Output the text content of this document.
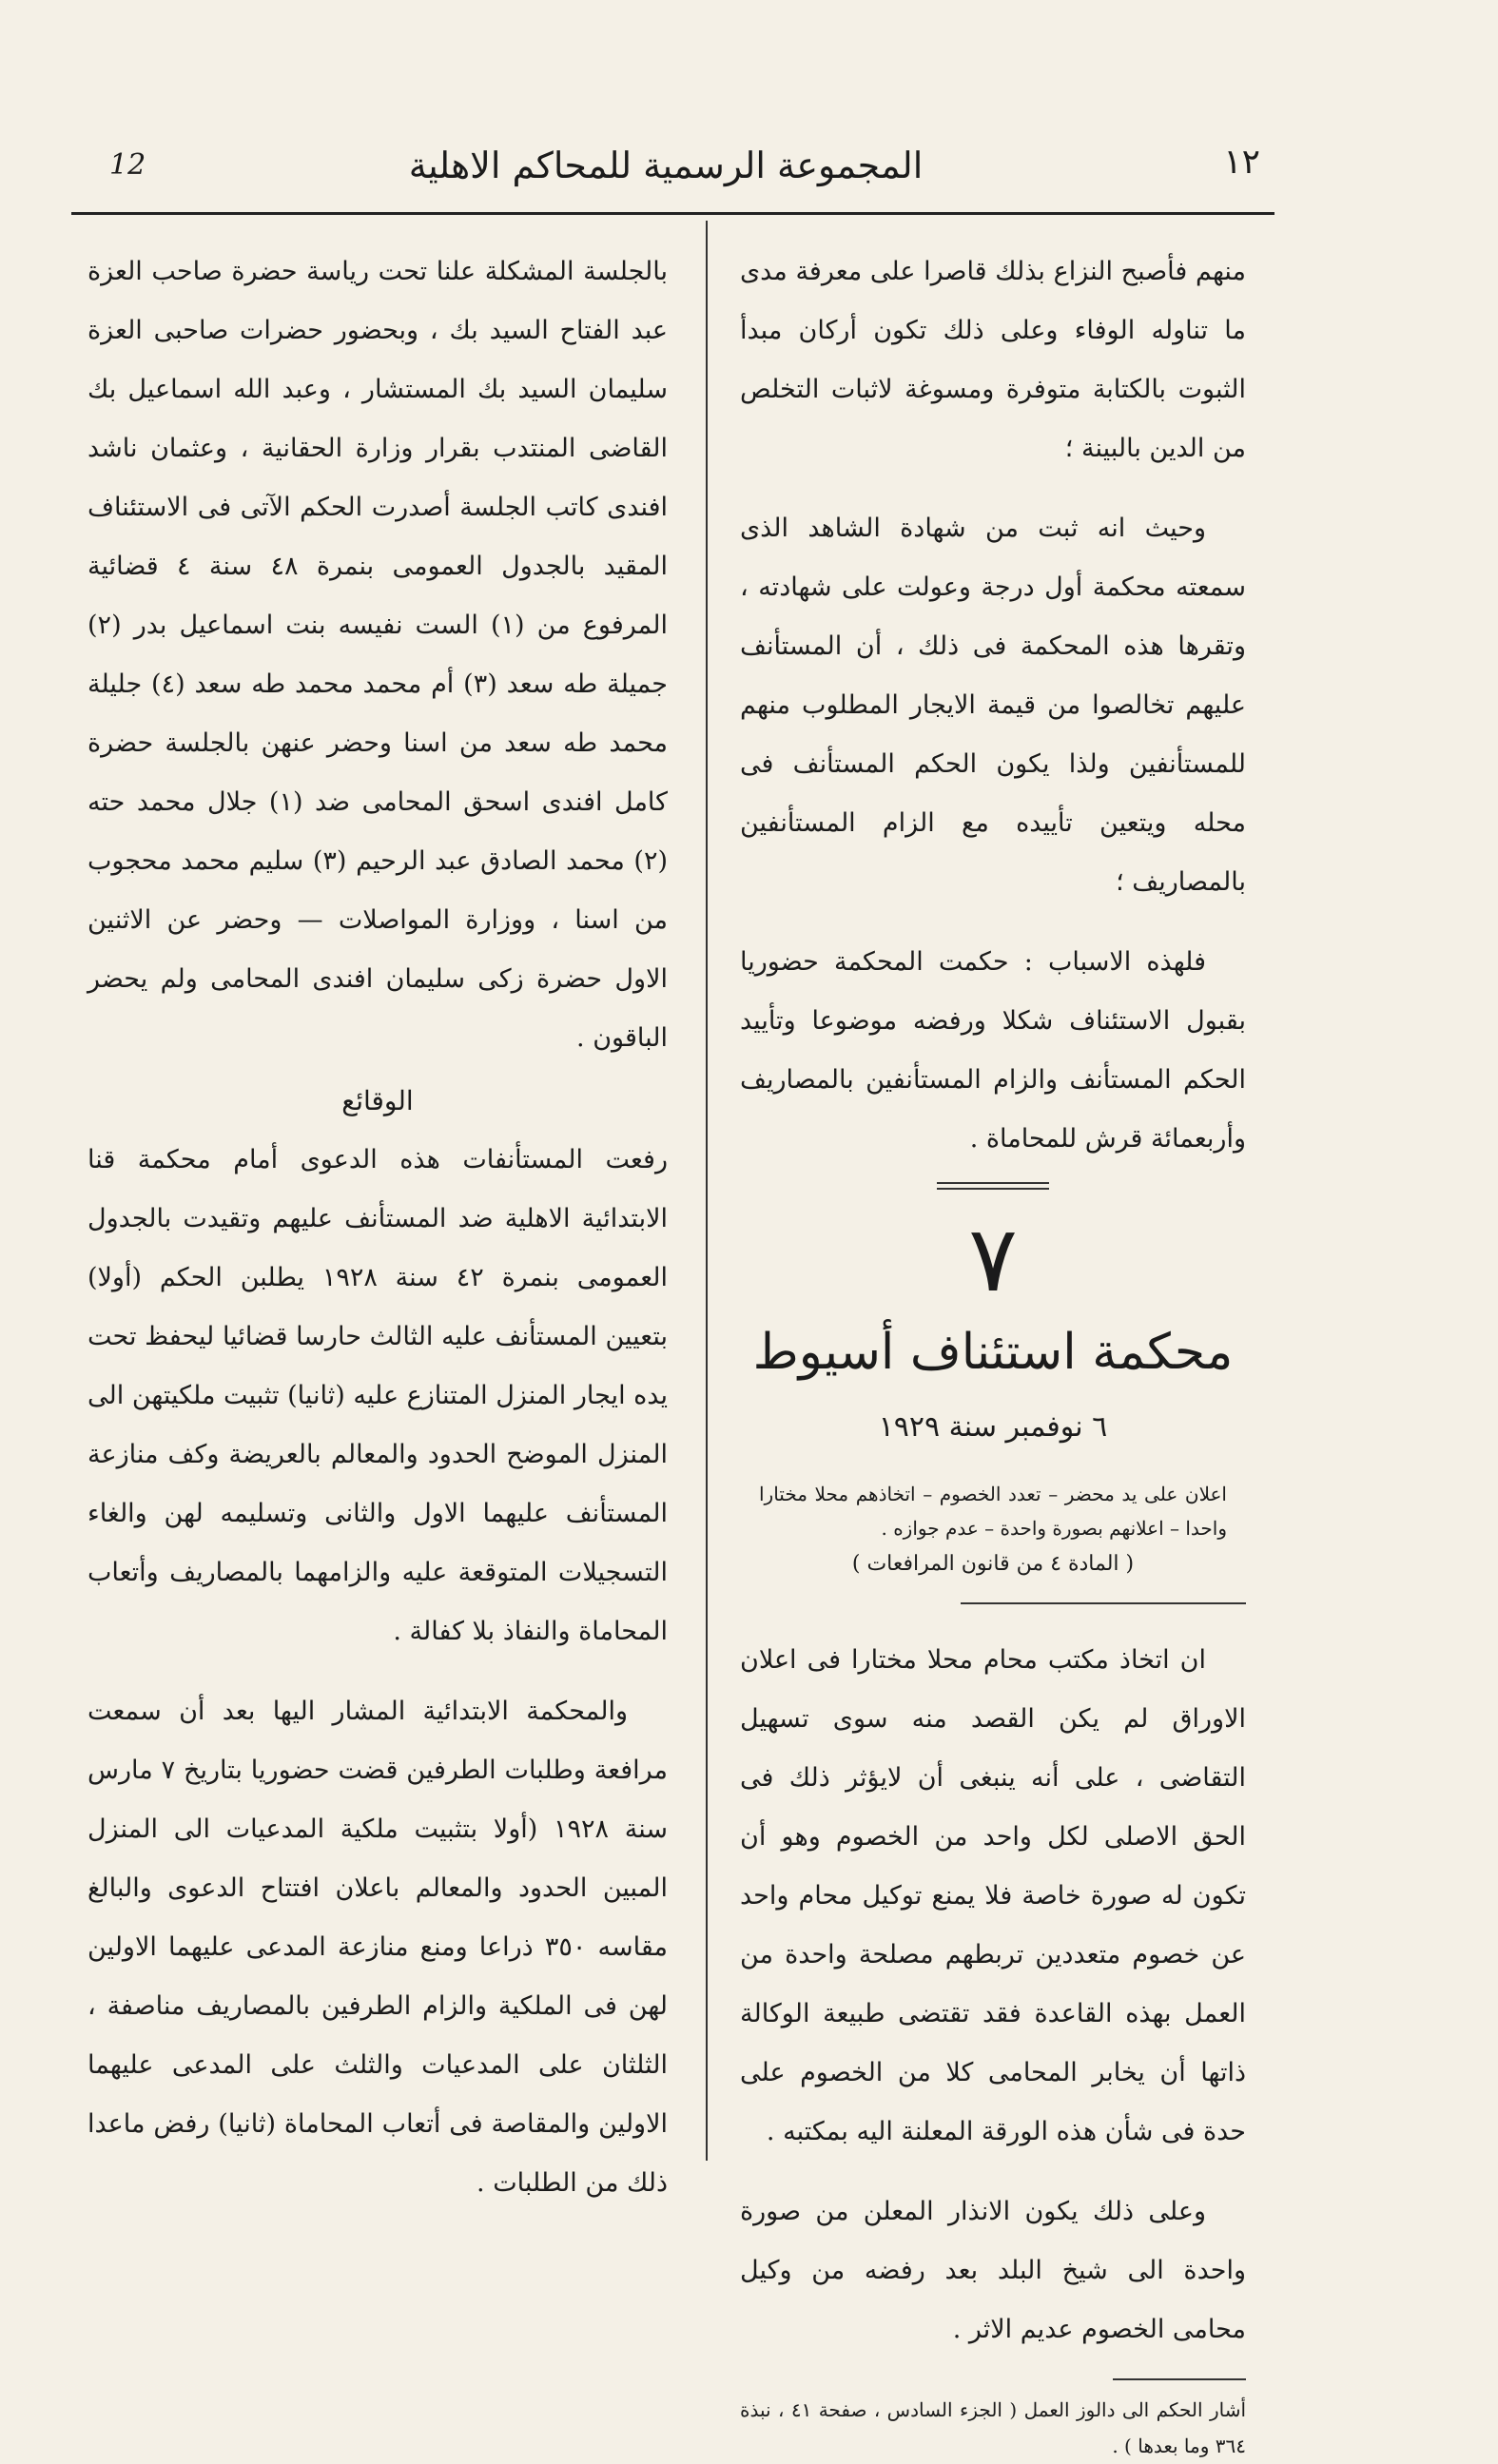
12	المجموعة الرسمية للمحاكم الاهلية	١٢

منهم فأصبح النزاع بذلك قاصرا على معرفة مدى ما تناوله الوفاء وعلى ذلك تكون أركان مبدأ الثبوت بالكتابة متوفرة ومسوغة لاثبات التخلص من الدين بالبينة ؛

وحيث انه ثبت من شهادة الشاهد الذى سمعته محكمة أول درجة وعولت على شهادته ، وتقرها هذه المحكمة فى ذلك ، أن المستأنف عليهم تخالصوا من قيمة الايجار المطلوب منهم للمستأنفين ولذا يكون الحكم المستأنف فى محله ويتعين تأييده مع الزام المستأنفين بالمصاريف ؛

فلهذه الاسباب : حكمت المحكمة حضوريا بقبول الاستئناف شكلا ورفضه موضوعا وتأييد الحكم المستأنف والزام المستأنفين بالمصاريف وأربعمائة قرش للمحاماة .

٧
محكمة استئناف أسيوط
٦ نوفمبر سنة ١٩٢٩

اعلان على يد محضر – تعدد الخصوم – اتخاذهم محلا مختارا واحدا – اعلانهم بصورة واحدة – عدم جوازه .

( المادة ٤ من قانون المرافعات )

ان اتخاذ مكتب محام محلا مختارا فى اعلان الاوراق لم يكن القصد منه سوى تسهيل التقاضى ، على أنه ينبغى أن لايؤثر ذلك فى الحق الاصلى لكل واحد من الخصوم وهو أن تكون له صورة خاصة فلا يمنع توكيل محام واحد عن خصوم متعددين تربطهم مصلحة واحدة من العمل بهذه القاعدة فقد تقتضى طبيعة الوكالة ذاتها أن يخابر المحامى كلا من الخصوم على حدة فى شأن هذه الورقة المعلنة اليه بمكتبه .

وعلى ذلك يكون الانذار المعلن من صورة واحدة الى شيخ البلد بعد رفضه من وكيل محامى الخصوم عديم الاثر .

أشار الحكم الى دالوز العمل ( الجزء السادس ، صفحة ٤١ ، نبذة ٣٦٤ وما بعدها ) .

بالجلسة المشكلة علنا تحت رياسة حضرة صاحب العزة عبد الفتاح السيد بك ، وبحضور حضرات صاحبى العزة سليمان السيد بك المستشار ، وعبد الله اسماعيل بك القاضى المنتدب بقرار وزارة الحقانية ، وعثمان ناشد افندى كاتب الجلسة أصدرت الحكم الآتى فى الاستئناف المقيد بالجدول العمومى بنمرة ٤٨ سنة ٤ قضائية المرفوع من (١) الست نفيسه بنت اسماعيل بدر (٢) جميلة طه سعد (٣) أم محمد محمد طه سعد (٤) جليلة محمد طه سعد من اسنا وحضر عنهن بالجلسة حضرة كامل افندى اسحق المحامى ضد (١) جلال محمد حته (٢) محمد الصادق عبد الرحيم (٣) سليم محمد محجوب من اسنا ، ووزارة المواصلات — وحضر عن الاثنين الاول حضرة زكى سليمان افندى المحامى ولم يحضر الباقون .

الوقائع

رفعت المستأنفات هذه الدعوى أمام محكمة قنا الابتدائية الاهلية ضد المستأنف عليهم وتقيدت بالجدول العمومى بنمرة ٤٢ سنة ١٩٢٨ يطلبن الحكم (أولا) بتعيين المستأنف عليه الثالث حارسا قضائيا ليحفظ تحت يده ايجار المنزل المتنازع عليه (ثانيا) تثبيت ملكيتهن الى المنزل الموضح الحدود والمعالم بالعريضة وكف منازعة المستأنف عليهما الاول والثانى وتسليمه لهن والغاء التسجيلات المتوقعة عليه والزامهما بالمصاريف وأتعاب المحاماة والنفاذ بلا كفالة .

والمحكمة الابتدائية المشار اليها بعد أن سمعت مرافعة وطلبات الطرفين قضت حضوريا بتاريخ ٧ مارس سنة ١٩٢٨ (أولا بتثبيت ملكية المدعيات الى المنزل المبين الحدود والمعالم باعلان افتتاح الدعوى والبالغ مقاسه ٣٥٠ ذراعا ومنع منازعة المدعى عليهما الاولين لهن فى الملكية والزام الطرفين بالمصاريف مناصفة ، الثلثان على المدعيات والثلث على المدعى عليهما الاولين والمقاصة فى أتعاب المحاماة (ثانيا) رفض ماعدا ذلك من الطلبات .
